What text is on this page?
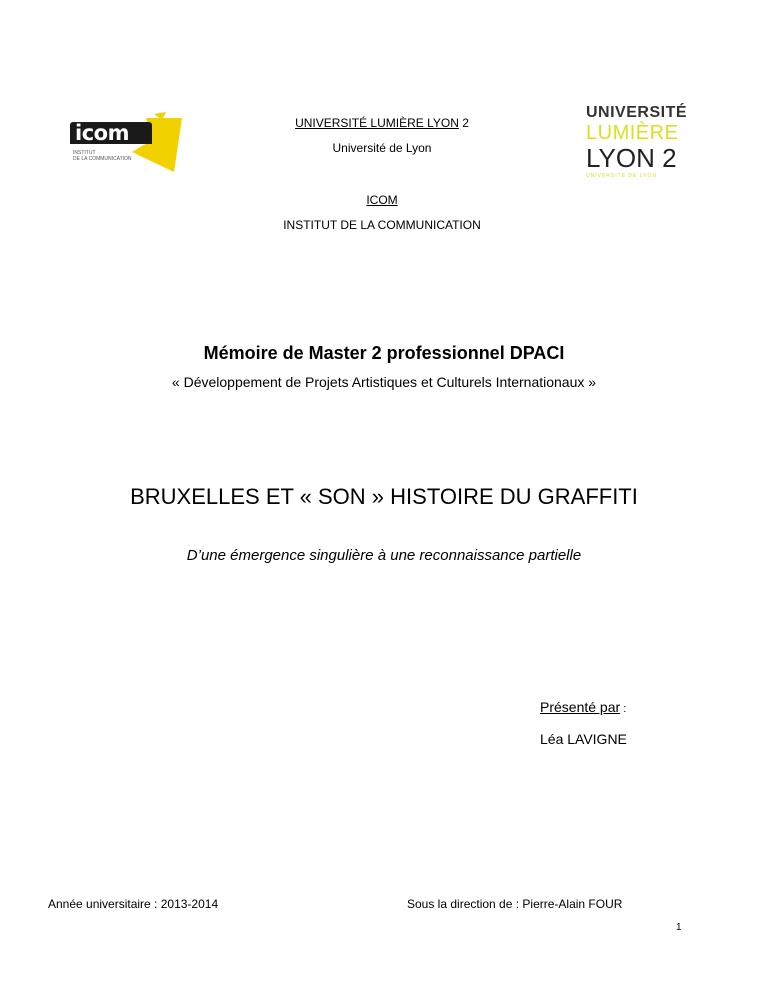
icom
INSTITUT
DE LA COMMUNICATION
UNIVERSITÉ
LUMIÈRE
LYON 2
UNIVERSITÉ DE LYON
UNIVERSITÉ LUMIÈRE LYON 2
Université de Lyon
ICOM
INSTITUT DE LA COMMUNICATION
Mémoire de Master 2 professionnel DPACI
« Développement de Projets Artistiques et Culturels Internationaux »
BRUXELLES ET « SON » HISTOIRE DU GRAFFITI
D’une émergence singulière à une reconnaissance partielle
Présenté par :
Léa LAVIGNE
Année universitaire : 2013-2014	Sous la direction de : Pierre-Alain FOUR
1
